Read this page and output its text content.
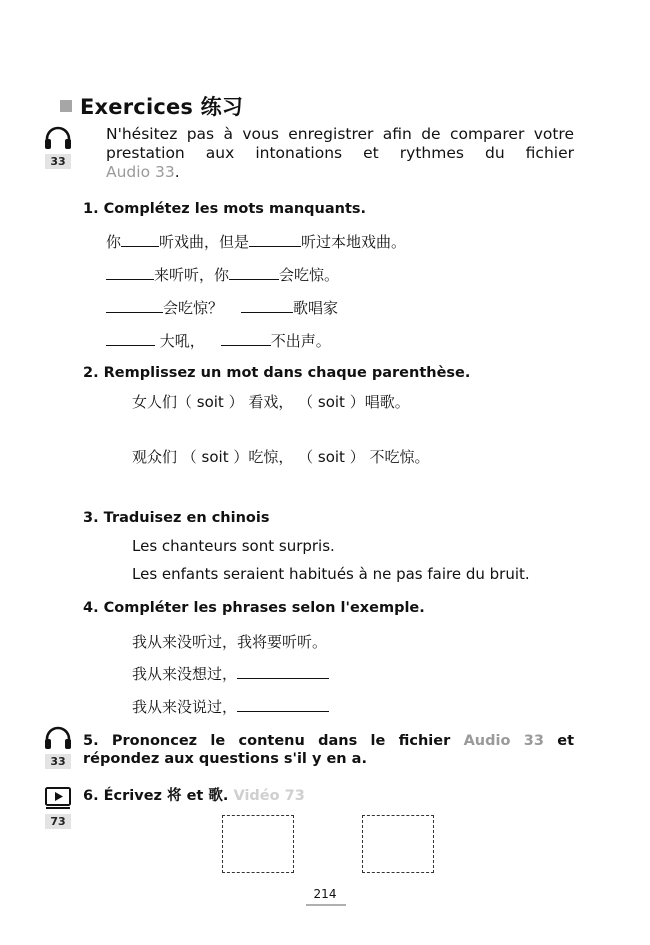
Exercices 练习
33
N'hésitez pas à vous enregistrer afin de comparer votre
prestation aux intonations et rythmes du fichier
Audio 33.
1. Complétez les mots manquants.
你	听戏曲，但是	听过本地戏曲。
来听听，你	会吃惊。
会吃惊？	歌唱家
大吼，	不出声。
2. Remplissez un mot dans chaque parenthèse.
女人们（ soit ） 看戏， （ soit ）唱歌。
观众们 （ soit ）吃惊， （ soit ） 不吃惊。
3. Traduisez en chinois
Les chanteurs sont surpris.
Les enfants seraient habitués à ne pas faire du bruit.
4. Compléter les phrases selon l'exemple.
我从来没听过，我将要听听。
我从来没想过，
我从来没说过，
33
5. Prononcez le contenu dans le fichier Audio 33 et
répondez aux questions s'il y en a.
73
6. Écrivez 将 et 歌. Vidéo 73
214
